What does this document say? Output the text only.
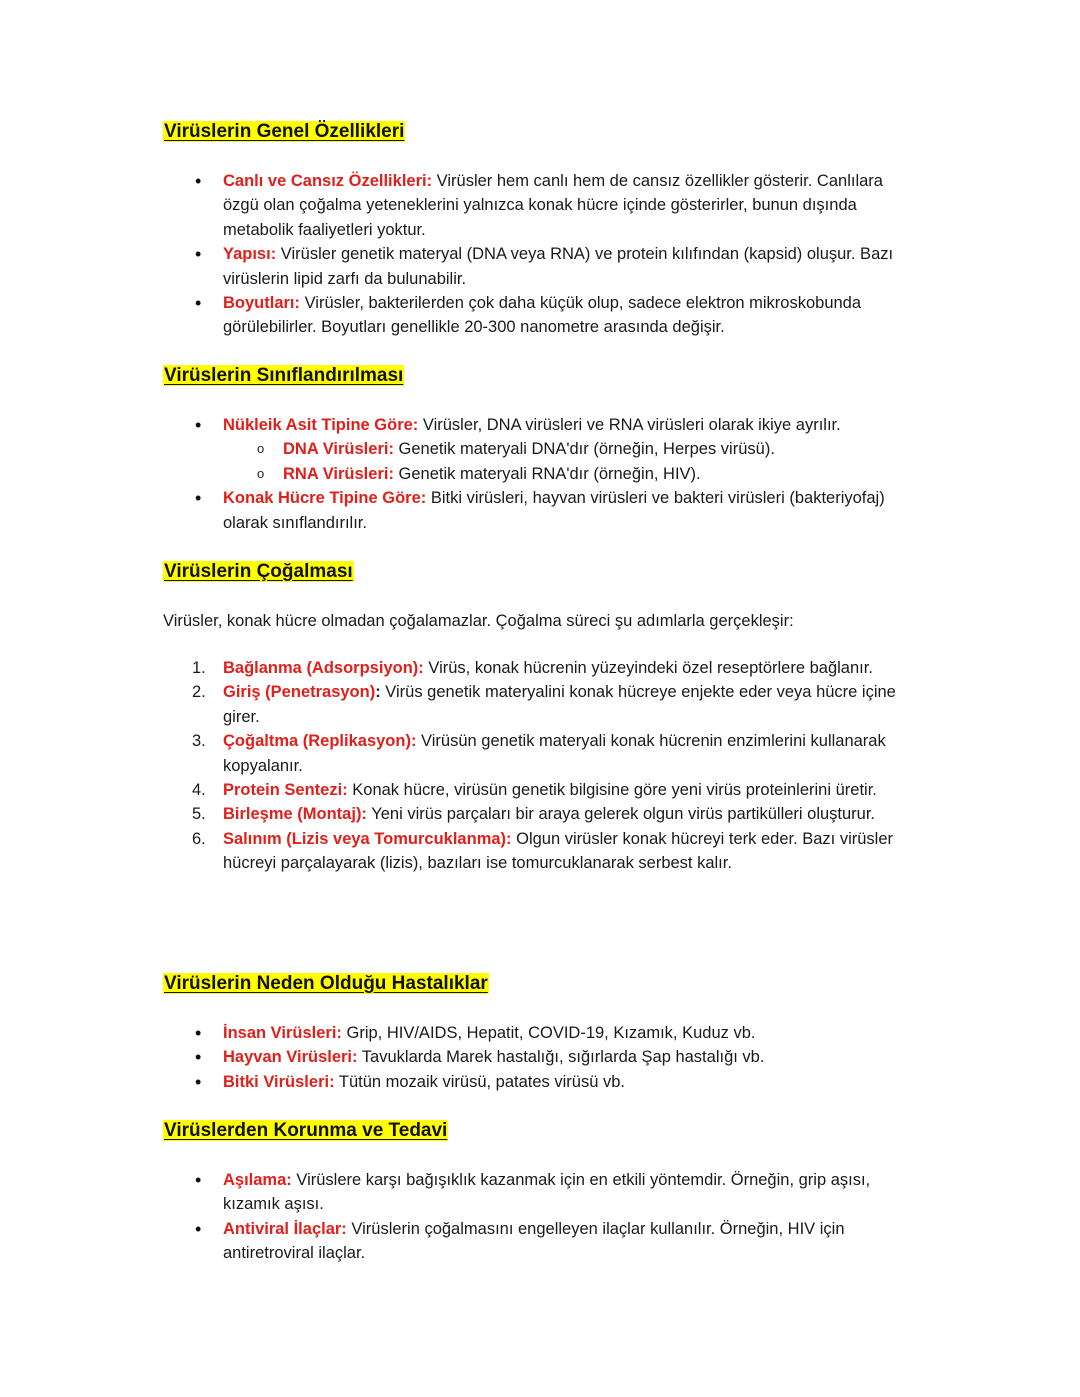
Virüslerin Genel Özellikleri
• Canlı ve Cansız Özellikleri: Virüsler hem canlı hem de cansız özellikler gösterir. Canlılara özgü olan çoğalma yeteneklerini yalnızca konak hücre içinde gösterirler, bunun dışında metabolik faaliyetleri yoktur.
• Yapısı: Virüsler genetik materyal (DNA veya RNA) ve protein kılıfından (kapsid) oluşur. Bazı virüslerin lipid zarfı da bulunabilir.
• Boyutları: Virüsler, bakterilerden çok daha küçük olup, sadece elektron mikroskobunda görülebilirler. Boyutları genellikle 20-300 nanometre arasında değişir.
Virüslerin Sınıflandırılması
• Nükleik Asit Tipine Göre: Virüsler, DNA virüsleri ve RNA virüsleri olarak ikiye ayrılır.
o DNA Virüsleri: Genetik materyali DNA'dır (örneğin, Herpes virüsü).
o RNA Virüsleri: Genetik materyali RNA'dır (örneğin, HIV).
• Konak Hücre Tipine Göre: Bitki virüsleri, hayvan virüsleri ve bakteri virüsleri (bakteriyofaj) olarak sınıflandırılır.
Virüslerin Çoğalması
Virüsler, konak hücre olmadan çoğalamazlar. Çoğalma süreci şu adımlarla gerçekleşir:
1. Bağlanma (Adsorpsiyon): Virüs, konak hücrenin yüzeyindeki özel reseptörlere bağlanır.
2. Giriş (Penetrasyon): Virüs genetik materyalini konak hücreye enjekte eder veya hücre içine girer.
3. Çoğaltma (Replikasyon): Virüsün genetik materyali konak hücrenin enzimlerini kullanarak kopyalanır.
4. Protein Sentezi: Konak hücre, virüsün genetik bilgisine göre yeni virüs proteinlerini üretir.
5. Birleşme (Montaj): Yeni virüs parçaları bir araya gelerek olgun virüs partikülleri oluşturur.
6. Salınım (Lizis veya Tomurcuklanma): Olgun virüsler konak hücreyi terk eder. Bazı virüsler hücreyi parçalayarak (lizis), bazıları ise tomurcuklanarak serbest kalır.
Virüslerin Neden Olduğu Hastalıklar
• İnsan Virüsleri: Grip, HIV/AIDS, Hepatit, COVID-19, Kızamık, Kuduz vb.
• Hayvan Virüsleri: Tavuklarda Marek hastalığı, sığırlarda Şap hastalığı vb.
• Bitki Virüsleri: Tütün mozaik virüsü, patates virüsü vb.
Virüslerden Korunma ve Tedavi
• Aşılama: Virüslere karşı bağışıklık kazanmak için en etkili yöntemdir. Örneğin, grip aşısı, kızamık aşısı.
• Antiviral İlaçlar: Virüslerin çoğalmasını engelleyen ilaçlar kullanılır. Örneğin, HIV için antiretroviral ilaçlar.
